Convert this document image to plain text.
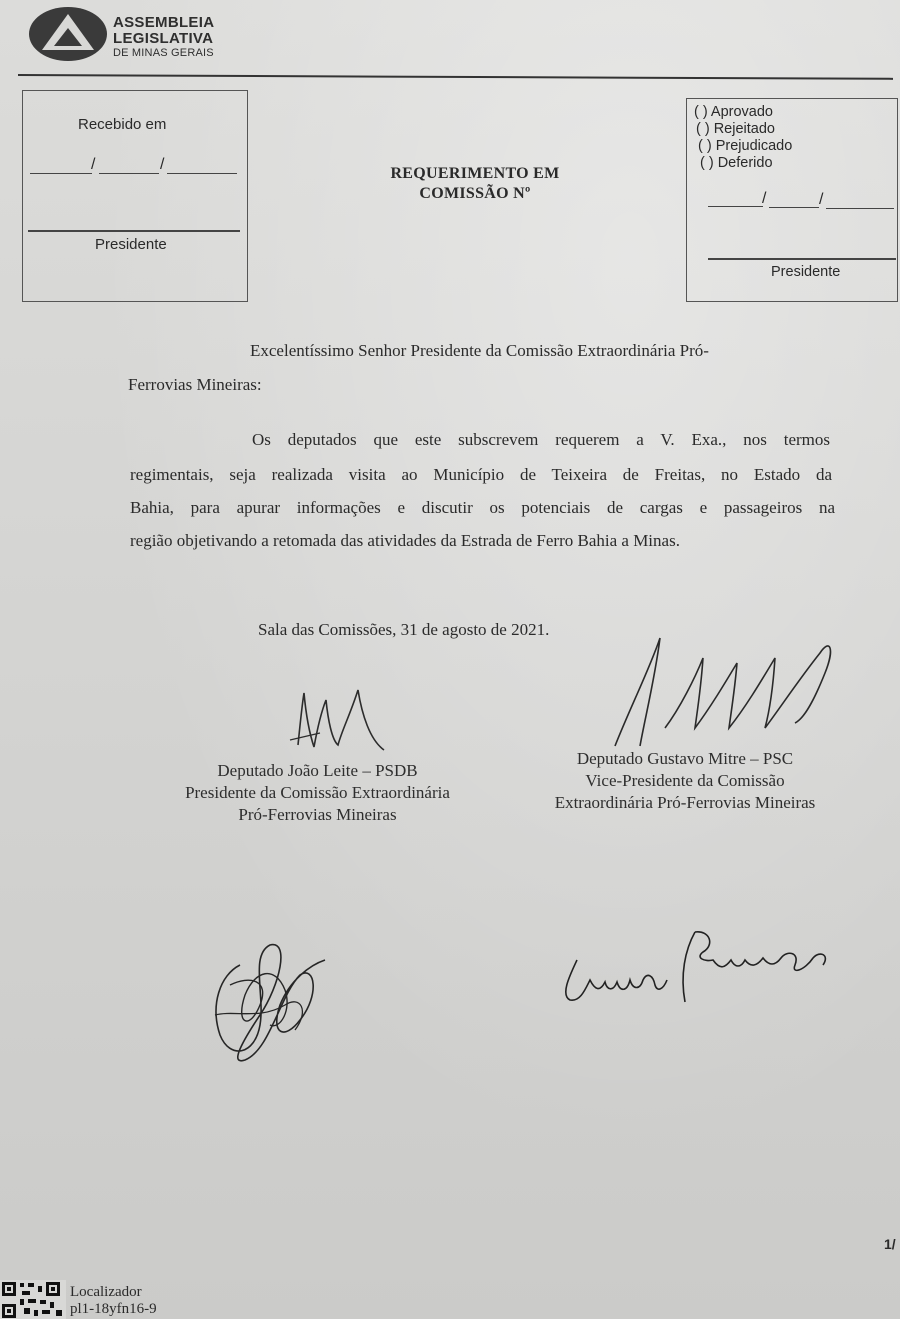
ASSEMBLEIA
LEGISLATIVA
DE MINAS GERAIS
Recebido em
/	/
Presidente
REQUERIMENTO EM
COMISSÃO Nº
( ) Aprovado
( ) Rejeitado
( ) Prejudicado
( ) Deferido
/	/
Presidente
Excelentíssimo Senhor Presidente da Comissão Extraordinária Pró-
Ferrovias Mineiras:
Os deputados que este subscrevem requerem a V. Exa., nos termos
regimentais, seja realizada visita ao Município de Teixeira de Freitas, no Estado da
Bahia, para apurar informações e discutir os potenciais de cargas e passageiros na
região objetivando a retomada das atividades da Estrada de Ferro Bahia a Minas.
Sala das Comissões, 31 de agosto de 2021.
Deputado João Leite – PSDB
Presidente da Comissão Extraordinária
Pró-Ferrovias Mineiras
Deputado Gustavo Mitre – PSC
Vice-Presidente da Comissão
Extraordinária Pró-Ferrovias Mineiras
1/
Localizador
pl1-18yfn16-9
